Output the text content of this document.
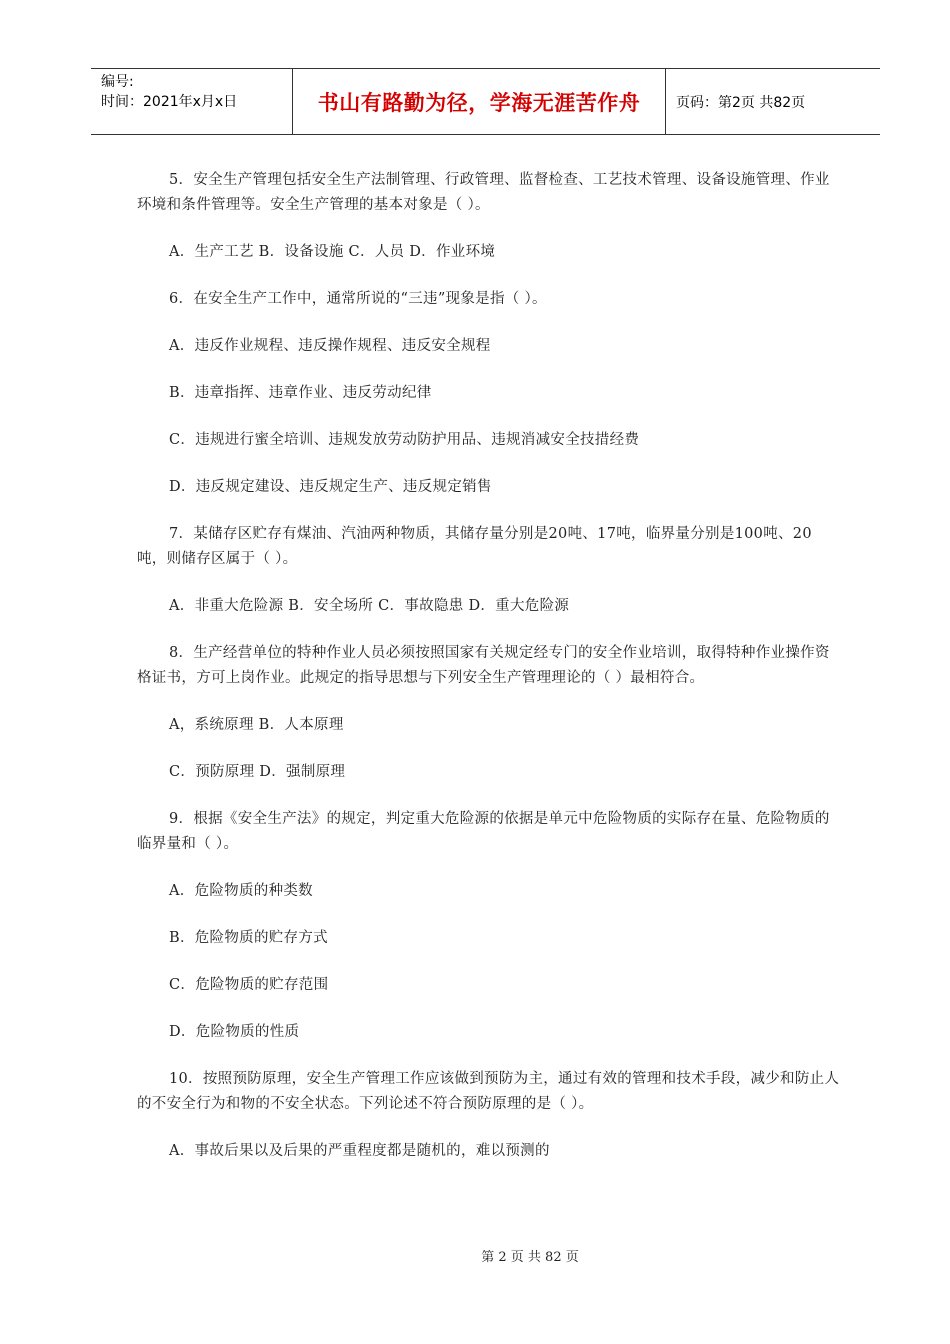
编号:
时间：2021年x月x日	书山有路勤为径，学海无涯苦作舟	页码：第2页 共82页

5．安全生产管理包括安全生产法制管理、行政管理、监督检查、工艺技术管理、设备设施管理、作业环境和条件管理等。安全生产管理的基本对象是（ ）。

A．生产工艺 B．设备设施 C．人员 D．作业环境

6．在安全生产工作中，通常所说的“三违”现象是指（ ）。

A．违反作业规程、违反操作规程、违反安全规程

B．违章指挥、违章作业、违反劳动纪律

C．违规进行蜜全培训、违规发放劳动防护用品、违规消减安全技措经费

D．违反规定建设、违反规定生产、违反规定销售

7．某储存区贮存有煤油、汽油两种物质，其储存量分别是20吨、17吨，临界量分别是100吨、20吨，则储存区属于（ ）。

A．非重大危险源 B．安全场所 C．事故隐患 D．重大危险源

8．生产经营单位的特种作业人员必须按照国家有关规定经专门的安全作业培训，取得特种作业操作资格证书，方可上岗作业。此规定的指导思想与下列安全生产管理理论的（ ）最相符合。

A，系统原理 B．人本原理

C．预防原理 D．强制原理

9．根据《安全生产法》的规定，判定重大危险源的依据是单元中危险物质的实际存在量、危险物质的临界量和（ ）。

A．危险物质的种类数

B．危险物质的贮存方式

C．危险物质的贮存范围

D．危险物质的性质

10．按照预防原理，安全生产管理工作应该做到预防为主，通过有效的管理和技术手段，减少和防止人的不安全行为和物的不安全状态。下列论述不符合预防原理的是（ ）。

A．事故后果以及后果的严重程度都是随机的，难以预测的

第 2 页 共 82 页
